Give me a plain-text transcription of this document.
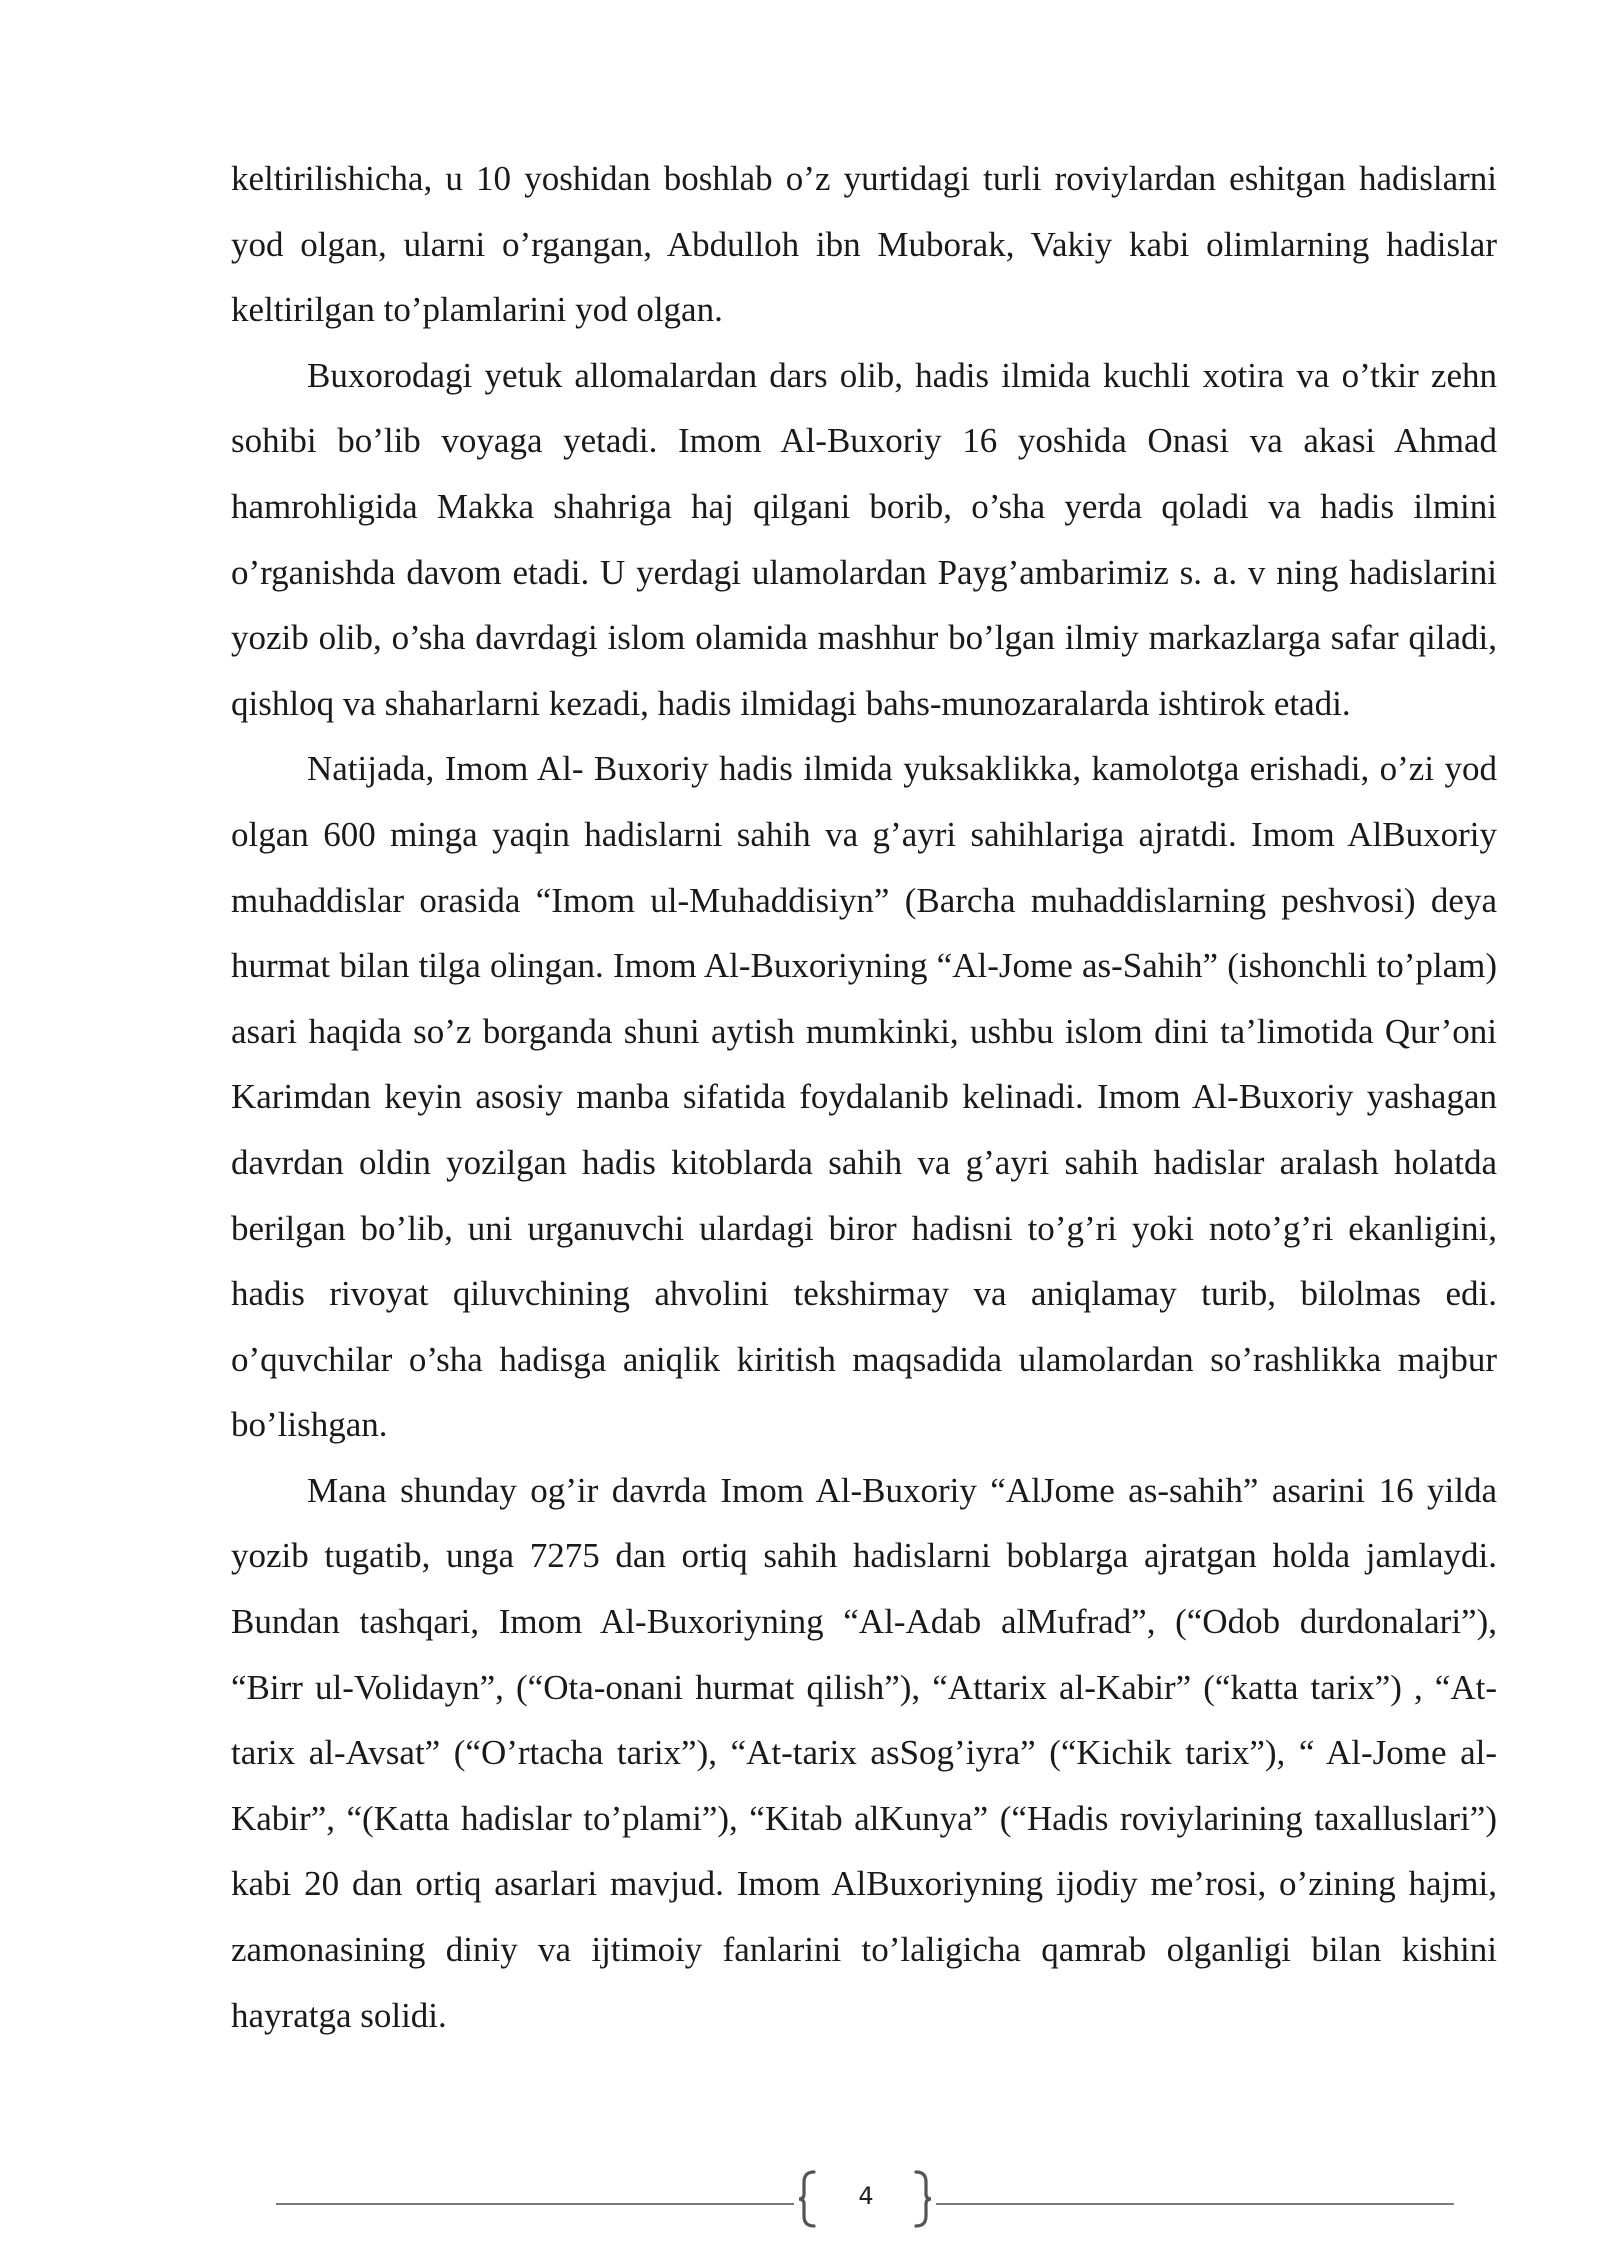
keltirilishicha, u 10 yoshidan boshlab o’z yurtidagi turli roviylardan eshitgan hadislarni yod olgan, ularni o’rgangan, Abdulloh ibn Muborak, Vakiy kabi olimlarning hadislar keltirilgan to’plamlarini yod olgan.

Buxorodagi yetuk allomalardan dars olib, hadis ilmida kuchli xotira va o’tkir zehn sohibi bo’lib voyaga yetadi. Imom Al-Buxoriy 16 yoshida Onasi va akasi Ahmad hamrohligida Makka shahriga haj qilgani borib, o’sha yerda qoladi va hadis ilmini o’rganishda davom etadi. U yerdagi ulamolardan Payg’ambarimiz s. a. v ning hadislarini yozib olib, o’sha davrdagi islom olamida mashhur bo’lgan ilmiy markazlarga safar qiladi, qishloq va shaharlarni kezadi, hadis ilmidagi bahs-munozaralarda ishtirok etadi.

Natijada, Imom Al- Buxoriy hadis ilmida yuksaklikka, kamolotga erishadi, o’zi yod olgan 600 minga yaqin hadislarni sahih va g’ayri sahihlariga ajratdi. Imom AlBuxoriy muhaddislar orasida “Imom ul-Muhaddisiyn” (Barcha muhaddislarning peshvosi) deya hurmat bilan tilga olingan. Imom Al-Buxoriyning “Al-Jome as-Sahih” (ishonchli to’plam) asari haqida so’z borganda shuni aytish mumkinki, ushbu islom dini ta’limotida Qur’oni Karimdan keyin asosiy manba sifatida foydalanib kelinadi. Imom Al-Buxoriy yashagan davrdan oldin yozilgan hadis kitoblarda sahih va g’ayri sahih hadislar aralash holatda berilgan bo’lib, uni urganuvchi ulardagi biror hadisni to’g’ri yoki noto’g’ri ekanligini, hadis rivoyat qiluvchining ahvolini tekshirmay va aniqlamay turib, bilolmas edi. o’quvchilar o’sha hadisga aniqlik kiritish maqsadida ulamolardan so’rashlikka majbur bo’lishgan.

Mana shunday og’ir davrda Imom Al-Buxoriy “AlJome as-sahih” asarini 16 yilda yozib tugatib, unga 7275 dan ortiq sahih hadislarni boblarga ajratgan holda jamlaydi. Bundan tashqari, Imom Al-Buxoriyning “Al-Adab alMufrad”, (“Odob durdonalari”), “Birr ul-Volidayn”, (“Ota-onani hurmat qilish”), “Attarix al-Kabir” (“katta tarix”) , “At-tarix al-Avsat” (“O’rtacha tarix”), “At-tarix asSog’iyra” (“Kichik tarix”), “ Al-Jome al-Kabir”, “(Katta hadislar to’plami”), “Kitab alKunya” (“Hadis roviylarining taxalluslari”) kabi 20 dan ortiq asarlari mavjud. Imom AlBuxoriyning ijodiy me’rosi, o’zining hajmi, zamonasining diniy va ijtimoiy fanlarini to’laligicha qamrab olganligi bilan kishini hayratga solidi.

4
